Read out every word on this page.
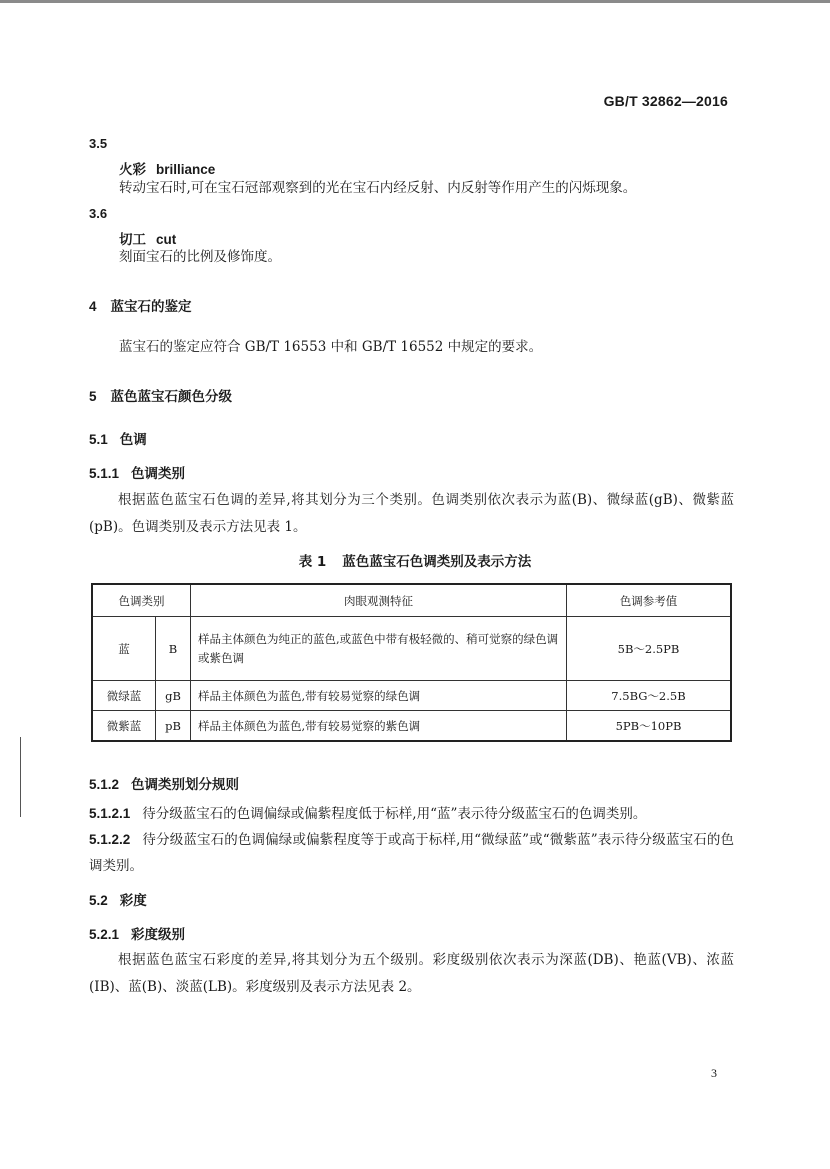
GB/T 32862—2016
3.5
火彩 brilliance
转动宝石时,可在宝石冠部观察到的光在宝石内经反射、内反射等作用产生的闪烁现象。
3.6
切工 cut
刻面宝石的比例及修饰度。
4 蓝宝石的鉴定
蓝宝石的鉴定应符合 GB/T 16553 中和 GB/T 16552 中规定的要求。
5 蓝色蓝宝石颜色分级
5.1 色调
5.1.1 色调类别
根据蓝色蓝宝石色调的差异,将其划分为三个类别。色调类别依次表示为蓝(B)、微绿蓝(gB)、微紫蓝(pB)。色调类别及表示方法见表 1。
表 1 蓝色蓝宝石色调类别及表示方法
色调类别		肉眼观测特征	色调参考值
蓝	B	样品主体颜色为纯正的蓝色,或蓝色中带有极轻微的、稍可觉察的绿色调或紫色调	5B～2.5PB
微绿蓝	gB	样品主体颜色为蓝色,带有较易觉察的绿色调	7.5BG～2.5B
微紫蓝	pB	样品主体颜色为蓝色,带有较易觉察的紫色调	5PB～10PB
5.1.2 色调类别划分规则
5.1.2.1 待分级蓝宝石的色调偏绿或偏紫程度低于标样,用“蓝”表示待分级蓝宝石的色调类别。
5.1.2.2 待分级蓝宝石的色调偏绿或偏紫程度等于或高于标样,用“微绿蓝”或“微紫蓝”表示待分级蓝宝石的色调类别。
5.2 彩度
5.2.1 彩度级别
根据蓝色蓝宝石彩度的差异,将其划分为五个级别。彩度级别依次表示为深蓝(DB)、艳蓝(VB)、浓蓝(IB)、蓝(B)、淡蓝(LB)。彩度级别及表示方法见表 2。
3
